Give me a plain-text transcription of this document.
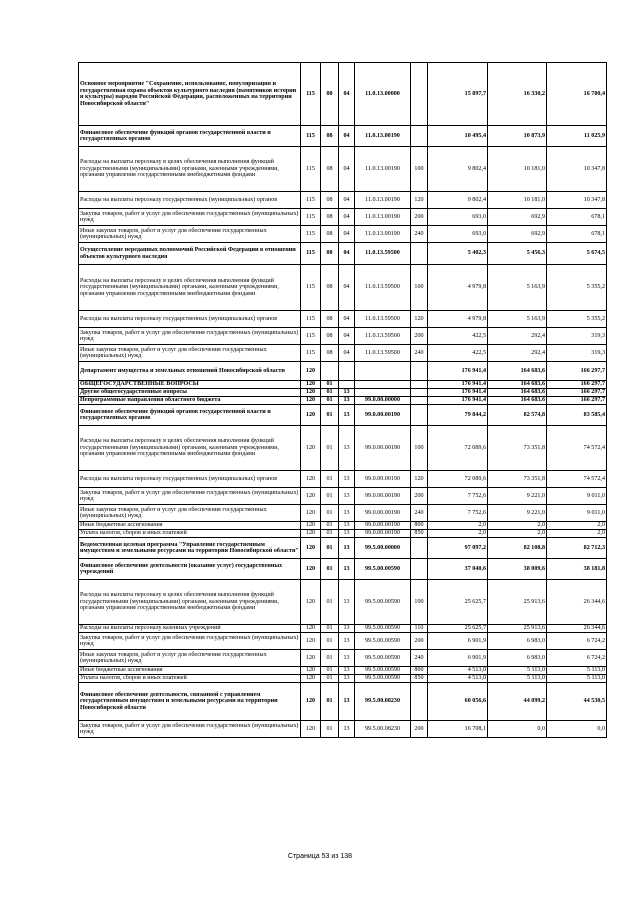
Основное мероприятие "Сохранение, использование, популяризация и государственная охрана объектов культурного наследия (памятников истории и культуры) народов Российской Федерации, расположенных на территории Новосибирской области"	115	08	04	11.0.13.00000		15 897,7	16 330,2	16 700,4
Финансовое обеспечение функций органов государственной власти и государственных органов	115	08	04	11.0.13.00190		10 495,4	10 873,9	11 025,9
Расходы на выплаты персоналу в целях обеспечения выполнения функций государственными (муниципальными) органами, казенными учреждениями, органами управления государственными внебюджетными фондами	115	08	04	11.0.13.00190	100	9 802,4	10 181,0	10 347,8
Расходы на выплаты персоналу государственных (муниципальных) органов	115	08	04	11.0.13.00190	120	9 802,4	10 181,0	10 347,8
Закупка товаров, работ и услуг для обеспечения государственных (муниципальных) нужд	115	08	04	11.0.13.00190	200	693,0	692,9	678,1
Иные закупки товаров, работ и услуг для обеспечения государственных (муниципальных) нужд	115	08	04	11.0.13.00190	240	693,0	692,9	678,1
Осуществление переданных полномочий Российской Федерации в отношении объектов культурного наследия	115	08	04	11.0.13.59500		5 402,3	5 456,3	5 674,5
Расходы на выплаты персоналу в целях обеспечения выполнения функций государственными (муниципальными) органами, казенными учреждениями, органами управления государственными внебюджетными фондами	115	08	04	11.0.13.59500	100	4 979,8	5 163,9	5 355,2
Расходы на выплаты персоналу государственных (муниципальных) органов	115	08	04	11.0.13.59500	120	4 979,8	5 163,9	5 355,2
Закупка товаров, работ и услуг для обеспечения государственных (муниципальных) нужд	115	08	04	11.0.13.59500	200	422,5	292,4	319,3
Иные закупки товаров, работ и услуг для обеспечения государственных (муниципальных) нужд	115	08	04	11.0.13.59500	240	422,5	292,4	319,3
Департамент имущества и земельных отношений Новосибирской области	120					176 941,4	164 683,6	166 297,7
ОБЩЕГОСУДАРСТВЕННЫЕ ВОПРОСЫ	120	01				176 941,4	164 683,6	166 297,7
Другие общегосударственные вопросы	120	01	13			176 941,4	164 683,6	166 297,7
Непрограммные направления областного бюджета	120	01	13	99.0.00.00000		176 941,4	164 683,6	166 297,7
Финансовое обеспечение функций органов государственной власти и государственных органов	120	01	13	99.0.00.00190		79 844,2	82 574,8	83 585,4
Расходы на выплаты персоналу в целях обеспечения выполнения функций государственными (муниципальными) органами, казенными учреждениями, органами управления государственными внебюджетными фондами	120	01	13	99.0.00.00190	100	72 089,6	73 351,8	74 572,4
Расходы на выплаты персоналу государственных (муниципальных) органов	120	01	13	99.0.00.00190	120	72 089,6	73 351,8	74 572,4
Закупка товаров, работ и услуг для обеспечения государственных (муниципальных) нужд	120	01	13	99.0.00.00190	200	7 752,6	9 221,0	9 011,0
Иные закупки товаров, работ и услуг для обеспечения государственных (муниципальных) нужд	120	01	13	99.0.00.00190	240	7 752,6	9 221,0	9 011,0
Иные бюджетные ассигнования	120	01	13	99.0.00.00190	800	2,0	2,0	2,0
Уплата налогов, сборов и иных платежей	120	01	13	99.0.00.00190	850	2,0	2,0	2,0
Ведомственная целевая программа "Управление государственным имуществом и земельными ресурсами на территории Новосибирской области"	120	01	13	99.5.00.00000		97 097,2	82 108,8	82 712,3
Финансовое обеспечение деятельности (оказание услуг) государственных учреждений	120	01	13	99.5.00.00590		37 040,6	38 009,6	38 181,8
Расходы на выплаты персоналу в целях обеспечения выполнения функций государственными (муниципальными) органами, казенными учреждениями, органами управления государственными внебюджетными фондами	120	01	13	99.5.00.00590	100	25 625,7	25 913,6	26 344,6
Расходы на выплаты персоналу казенных учреждений	120	01	13	99.5.00.00590	110	25 625,7	25 913,6	26 344,6
Закупка товаров, работ и услуг для обеспечения государственных (муниципальных) нужд	120	01	13	99.5.00.00590	200	6 901,9	6 983,0	6 724,2
Иные закупки товаров, работ и услуг для обеспечения государственных (муниципальных) нужд	120	01	13	99.5.00.00590	240	6 901,9	6 983,0	6 724,2
Иные бюджетные ассигнования	120	01	13	99.5.00.00590	800	4 513,0	5 113,0	5 113,0
Уплата налогов, сборов и иных платежей	120	01	13	99.5.00.00590	850	4 513,0	5 113,0	5 113,0
Финансовое обеспечение деятельности, связанной с управлением государственным имуществом и земельными ресурсами на территории Новосибирской области	120	01	13	99.5.00.08230		60 056,6	44 099,2	44 530,5
Закупка товаров, работ и услуг для обеспечения государственных (муниципальных) нужд	120	01	13	99.5.00.08230	200	16 708,1	0,0	0,0
Страница 53 из 138
